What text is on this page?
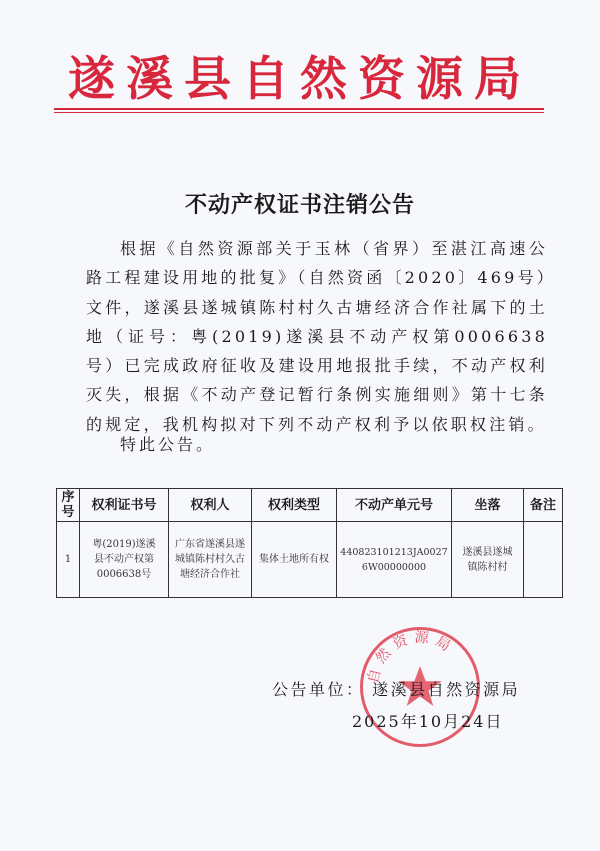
遂溪县自然资源局
不动产权证书注销公告

根据《自然资源部关于玉林（省界）至湛江高速公路工程建设用地的批复》（自然资函〔2020〕469号）文件，遂溪县遂城镇陈村村久古塘经济合作社属下的土地（证号：粤(2019)遂溪县不动产权第0006638号）已完成政府征收及建设用地报批手续，不动产权利灭失，根据《不动产登记暂行条例实施细则》第十七条的规定，我机构拟对下列不动产权利予以依职权注销。

特此公告。
序号	权利证书号	权利人	权利类型	不动产单元号	坐落	备注
1	粤(2019)遂溪县不动产权第0006638号	广东省遂溪县遂城镇陈村村久古塘经济合作社	集体土地所有权	440823101213JA00276W00000000	遂溪县遂城镇陈村村	
自然资源局
公告单位： 遂溪县自然资源局
2025年10月24日
